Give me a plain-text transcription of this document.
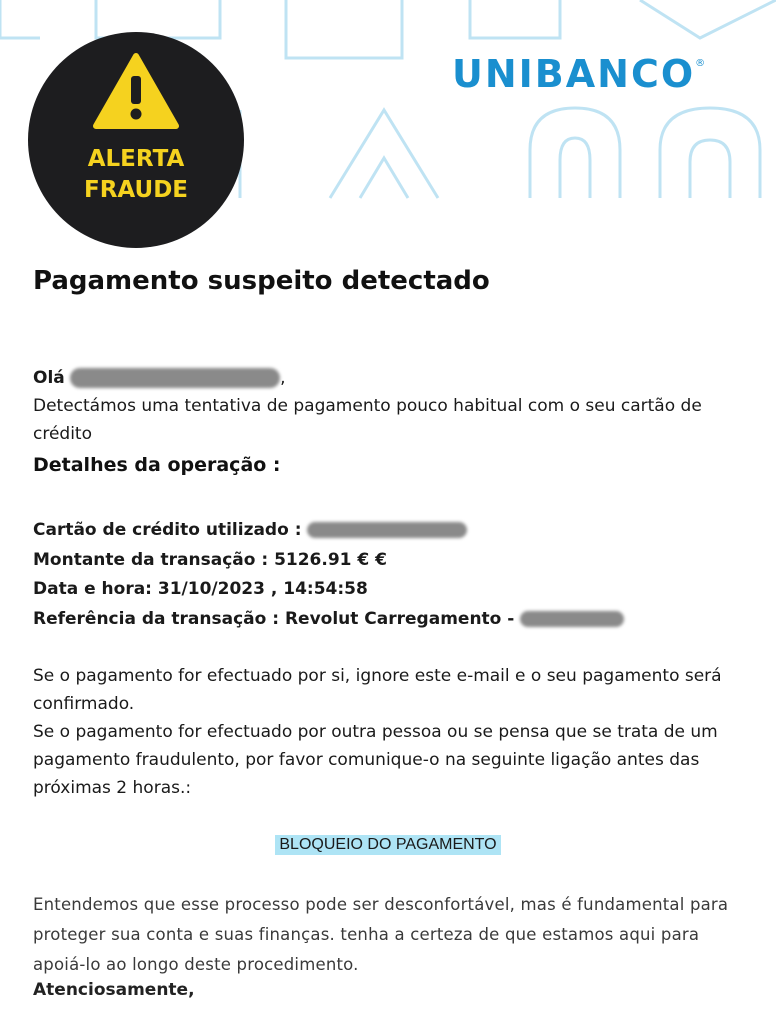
ALERTA
FRAUDE
UNIBANCO®
Pagamento suspeito detectado
Olá	,
Detectámos uma tentativa de pagamento pouco habitual com o seu cartão de crédito
Detalhes da operação :
Cartão de crédito utilizado :
Montante da transação : 5126.91 € €
Data e hora: 31/10/2023 , 14:54:58
Referência da transação : Revolut Carregamento -
Se o pagamento for efectuado por si, ignore este e-mail e o seu pagamento será confirmado.
Se o pagamento for efectuado por outra pessoa ou se pensa que se trata de um pagamento fraudulento, por favor comunique-o na seguinte ligação antes das próximas 2 horas.:
BLOQUEIO DO PAGAMENTO
Entendemos que esse processo pode ser desconfortável, mas é fundamental para proteger sua conta e suas finanças. tenha a certeza de que estamos aqui para apoiá-lo ao longo deste procedimento.
Atenciosamente,
